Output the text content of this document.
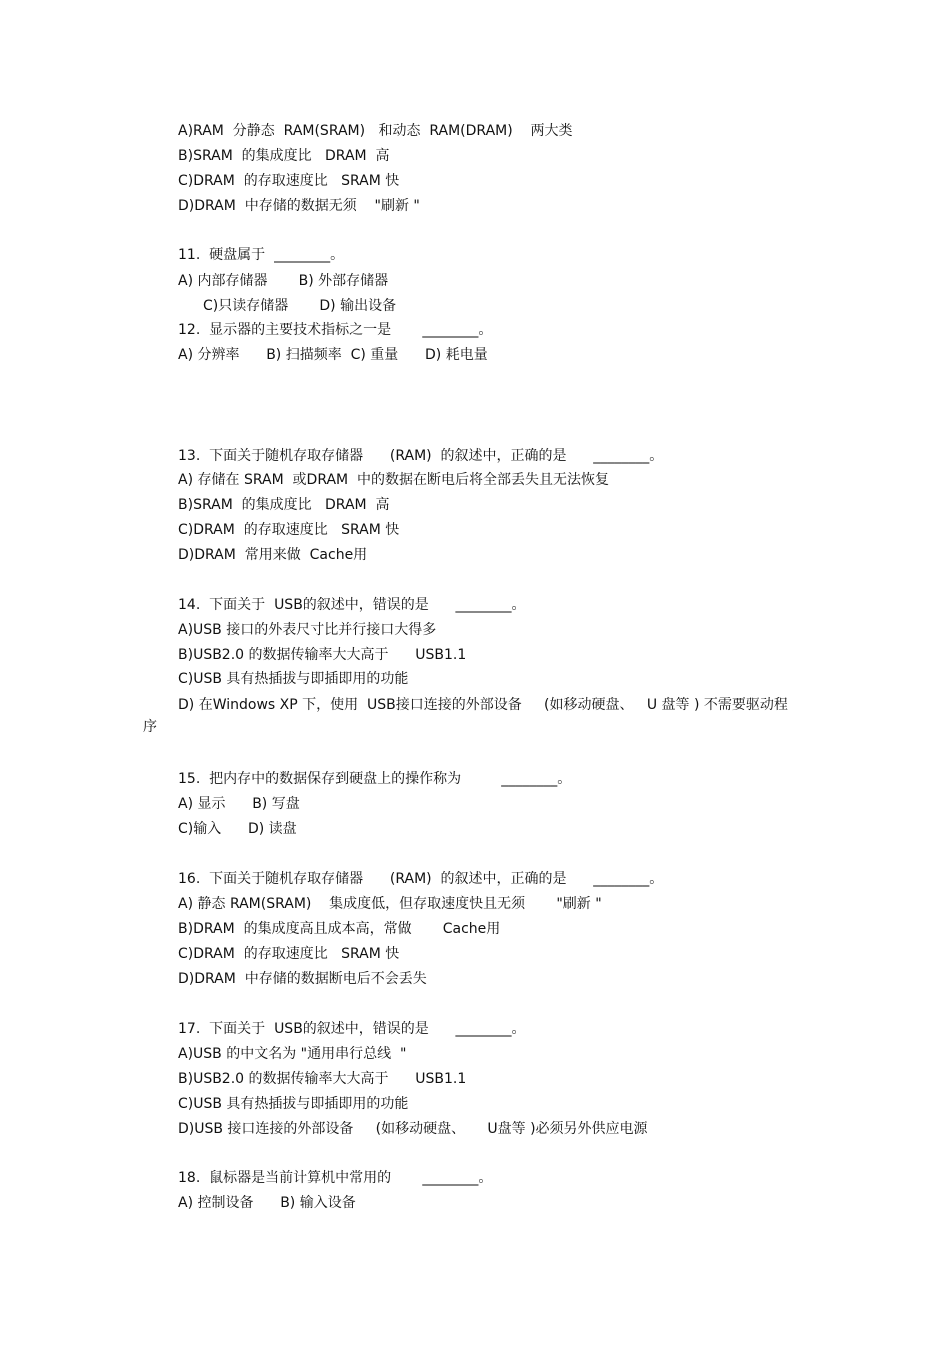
A)RAM  分静态  RAM(SRAM)   和动态  RAM(DRAM)    两大类
B)SRAM  的集成度比   DRAM  高
C)DRAM  的存取速度比   SRAM 快
D)DRAM  中存储的数据无须    "刷新 "
11.  硬盘属于  ________。
A) 内部存储器       B) 外部存储器
C)只读存储器       D) 输出设备
12.  显示器的主要技术指标之一是       ________。
A) 分辨率      B) 扫描频率  C) 重量      D) 耗电量
13.  下面关于随机存取存储器      (RAM)  的叙述中，正确的是      ________。
A) 存储在 SRAM  或DRAM  中的数据在断电后将全部丢失且无法恢复
B)SRAM  的集成度比   DRAM  高
C)DRAM  的存取速度比   SRAM 快
D)DRAM  常用来做  Cache用
14.  下面关于  USB的叙述中，错误的是      ________。
A)USB 接口的外表尺寸比并行接口大得多
B)USB2.0 的数据传输率大大高于      USB1.1
C)USB 具有热插拔与即插即用的功能
D) 在Windows XP 下，使用  USB接口连接的外部设备     (如移动硬盘、   U 盘等 ) 不需要驱动程
序
15.  把内存中的数据保存到硬盘上的操作称为         ________。
A) 显示      B) 写盘
C)输入      D) 读盘
16.  下面关于随机存取存储器      (RAM)  的叙述中，正确的是      ________。
A) 静态 RAM(SRAM)    集成度低，但存取速度快且无须       "刷新 "
B)DRAM  的集成度高且成本高，常做       Cache用
C)DRAM  的存取速度比   SRAM 快
D)DRAM  中存储的数据断电后不会丢失
17.  下面关于  USB的叙述中，错误的是      ________。
A)USB 的中文名为 "通用串行总线  "
B)USB2.0 的数据传输率大大高于      USB1.1
C)USB 具有热插拔与即插即用的功能
D)USB 接口连接的外部设备     (如移动硬盘、     U盘等 )必须另外供应电源
18.  鼠标器是当前计算机中常用的       ________。
A) 控制设备      B) 输入设备
